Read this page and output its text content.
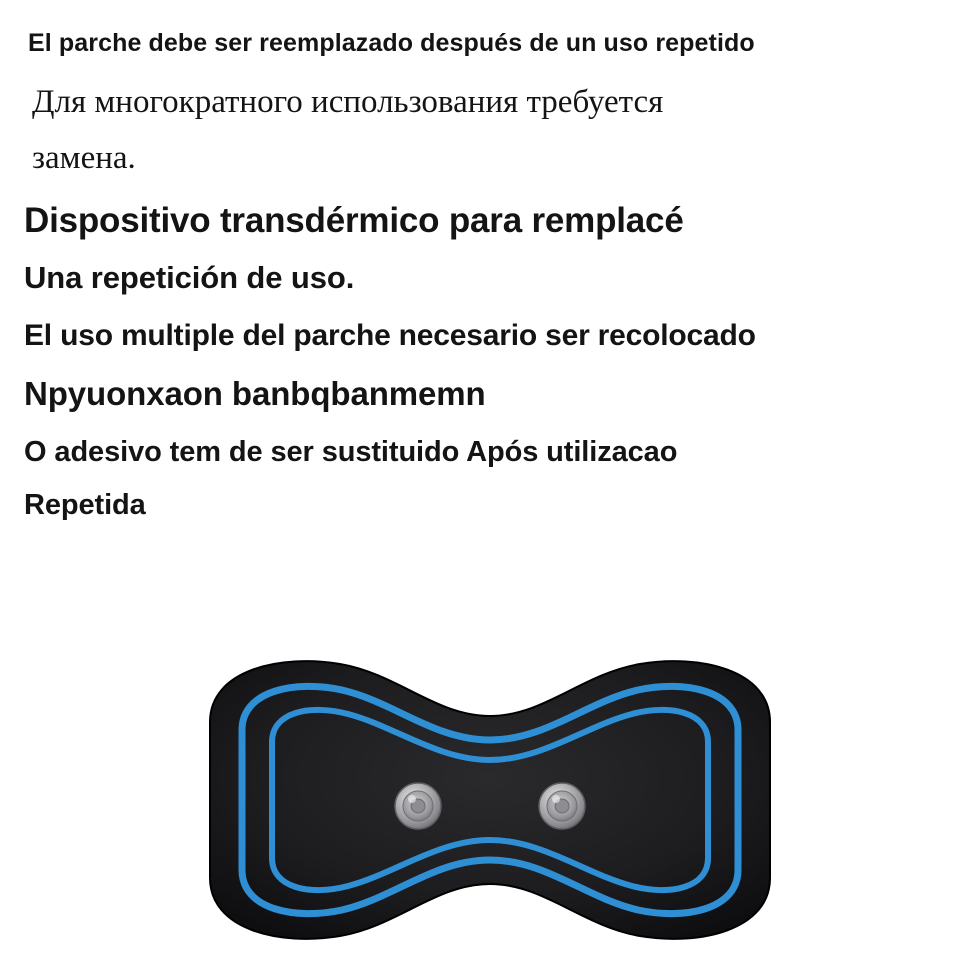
El parche debe ser reemplazado después de un uso repetido
Для многократного использования требуется
замена.
Dispositivo transdérmico para remplacé
Una repetición de uso.
El uso multiple del parche necesario ser recolocado
Npyuonxaon banbqbanmemn
O adesivo tem de ser sustituido Após utilizacao
Repetida
